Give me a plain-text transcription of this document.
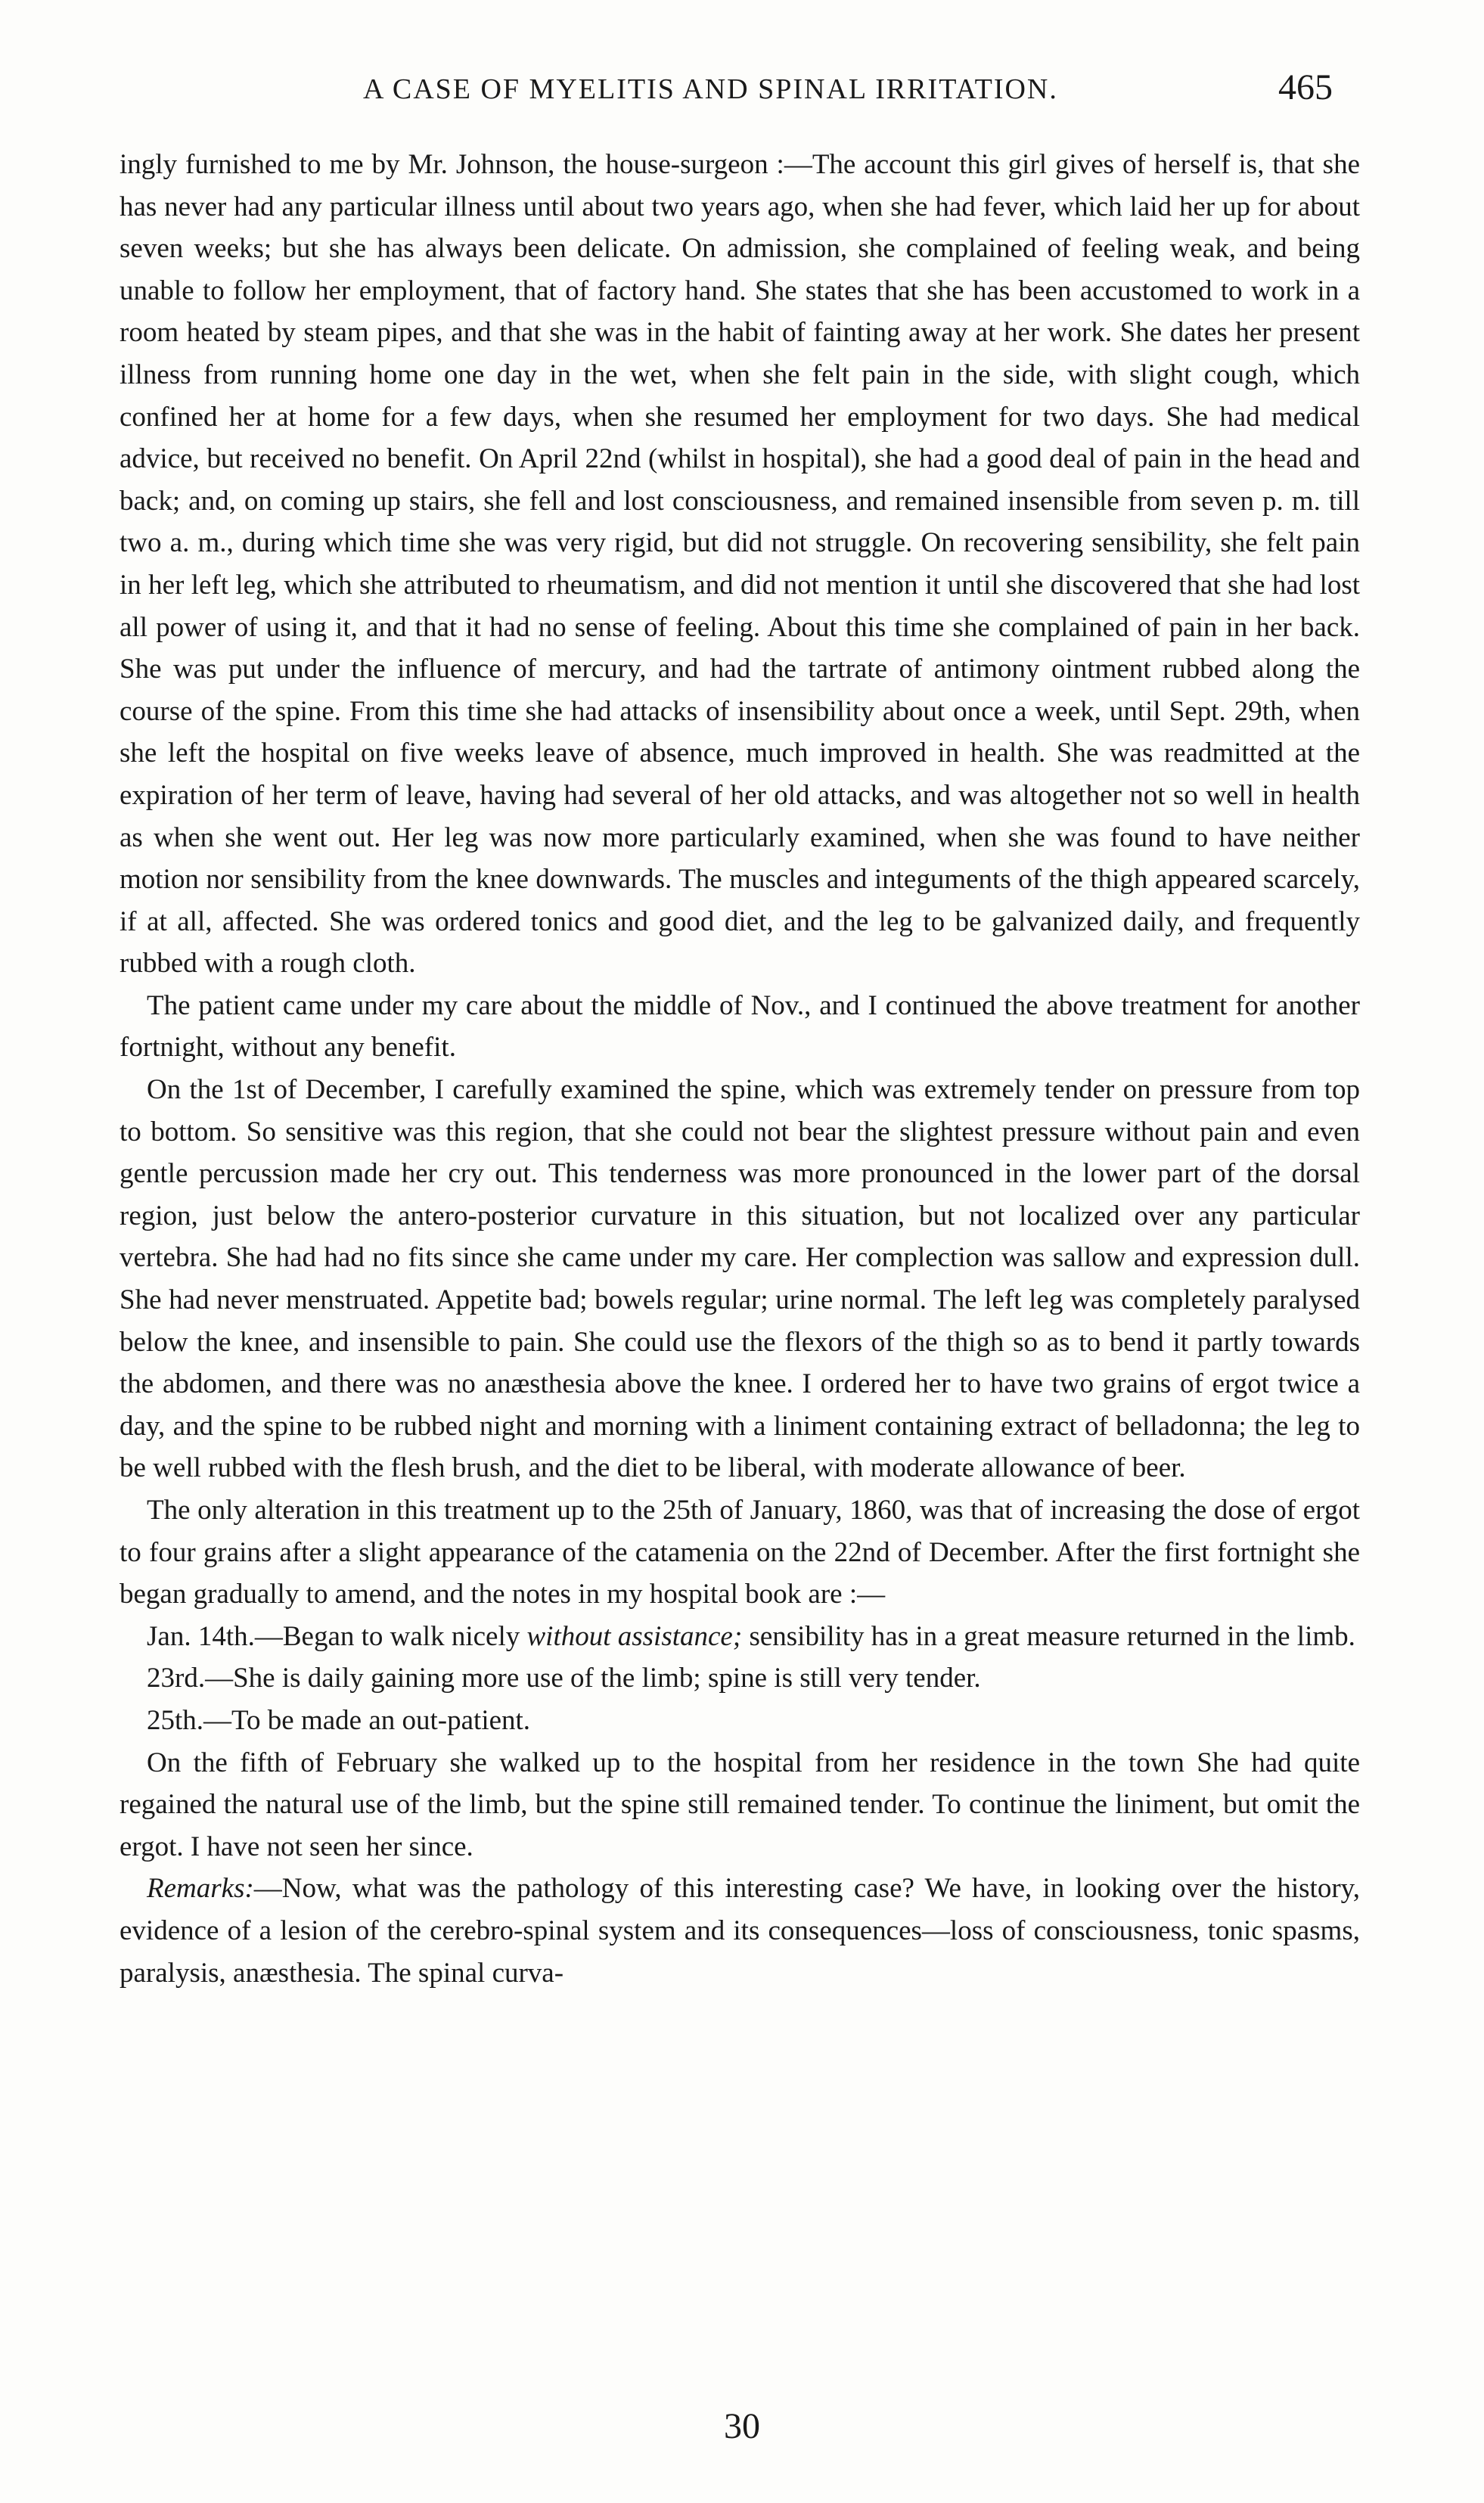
A CASE OF MYELITIS AND SPINAL IRRITATION.	465

ingly furnished to me by Mr. Johnson, the house-surgeon :—The account this girl gives of herself is, that she has never had any particular illness until about two years ago, when she had fever, which laid her up for about seven weeks; but she has always been delicate. On admission, she complained of feeling weak, and being unable to follow her employment, that of factory hand. She states that she has been accustomed to work in a room heated by steam pipes, and that she was in the habit of fainting away at her work. She dates her present illness from running home one day in the wet, when she felt pain in the side, with slight cough, which confined her at home for a few days, when she resumed her employment for two days. She had medical advice, but received no benefit. On April 22nd (whilst in hospital), she had a good deal of pain in the head and back; and, on coming up stairs, she fell and lost consciousness, and remained insensible from seven p. m. till two a. m., during which time she was very rigid, but did not struggle. On recovering sensibility, she felt pain in her left leg, which she attributed to rheumatism, and did not mention it until she discovered that she had lost all power of using it, and that it had no sense of feeling. About this time she complained of pain in her back. She was put under the influence of mercury, and had the tartrate of antimony ointment rubbed along the course of the spine. From this time she had attacks of insensibility about once a week, until Sept. 29th, when she left the hospital on five weeks leave of absence, much improved in health. She was readmitted at the expiration of her term of leave, having had several of her old attacks, and was altogether not so well in health as when she went out. Her leg was now more particularly examined, when she was found to have neither motion nor sensibility from the knee downwards. The muscles and integuments of the thigh appeared scarcely, if at all, affected. She was ordered tonics and good diet, and the leg to be galvanized daily, and frequently rubbed with a rough cloth.

The patient came under my care about the middle of Nov., and I continued the above treatment for another fortnight, without any benefit.

On the 1st of December, I carefully examined the spine, which was extremely tender on pressure from top to bottom. So sensitive was this region, that she could not bear the slightest pressure without pain and even gentle percussion made her cry out. This tenderness was more pronounced in the lower part of the dorsal region, just below the antero-posterior curvature in this situation, but not localized over any particular vertebra. She had had no fits since she came under my care. Her complection was sallow and expression dull. She had never menstruated. Appetite bad; bowels regular; urine normal. The left leg was completely paralysed below the knee, and insensible to pain. She could use the flexors of the thigh so as to bend it partly towards the abdomen, and there was no anæsthesia above the knee. I ordered her to have two grains of ergot twice a day, and the spine to be rubbed night and morning with a liniment containing extract of belladonna; the leg to be well rubbed with the flesh brush, and the diet to be liberal, with moderate allowance of beer.

The only alteration in this treatment up to the 25th of January, 1860, was that of increasing the dose of ergot to four grains after a slight appearance of the catamenia on the 22nd of December. After the first fortnight she began gradually to amend, and the notes in my hospital book are :—

Jan. 14th.—Began to walk nicely without assistance; sensibility has in a great measure returned in the limb.

23rd.—She is daily gaining more use of the limb; spine is still very tender.

25th.—To be made an out-patient.

On the fifth of February she walked up to the hospital from her residence in the town She had quite regained the natural use of the limb, but the spine still remained tender. To continue the liniment, but omit the ergot. I have not seen her since.

Remarks:—Now, what was the pathology of this interesting case? We have, in looking over the history, evidence of a lesion of the cerebro-spinal system and its consequences—loss of consciousness, tonic spasms, paralysis, anæsthesia. The spinal curva-

30
